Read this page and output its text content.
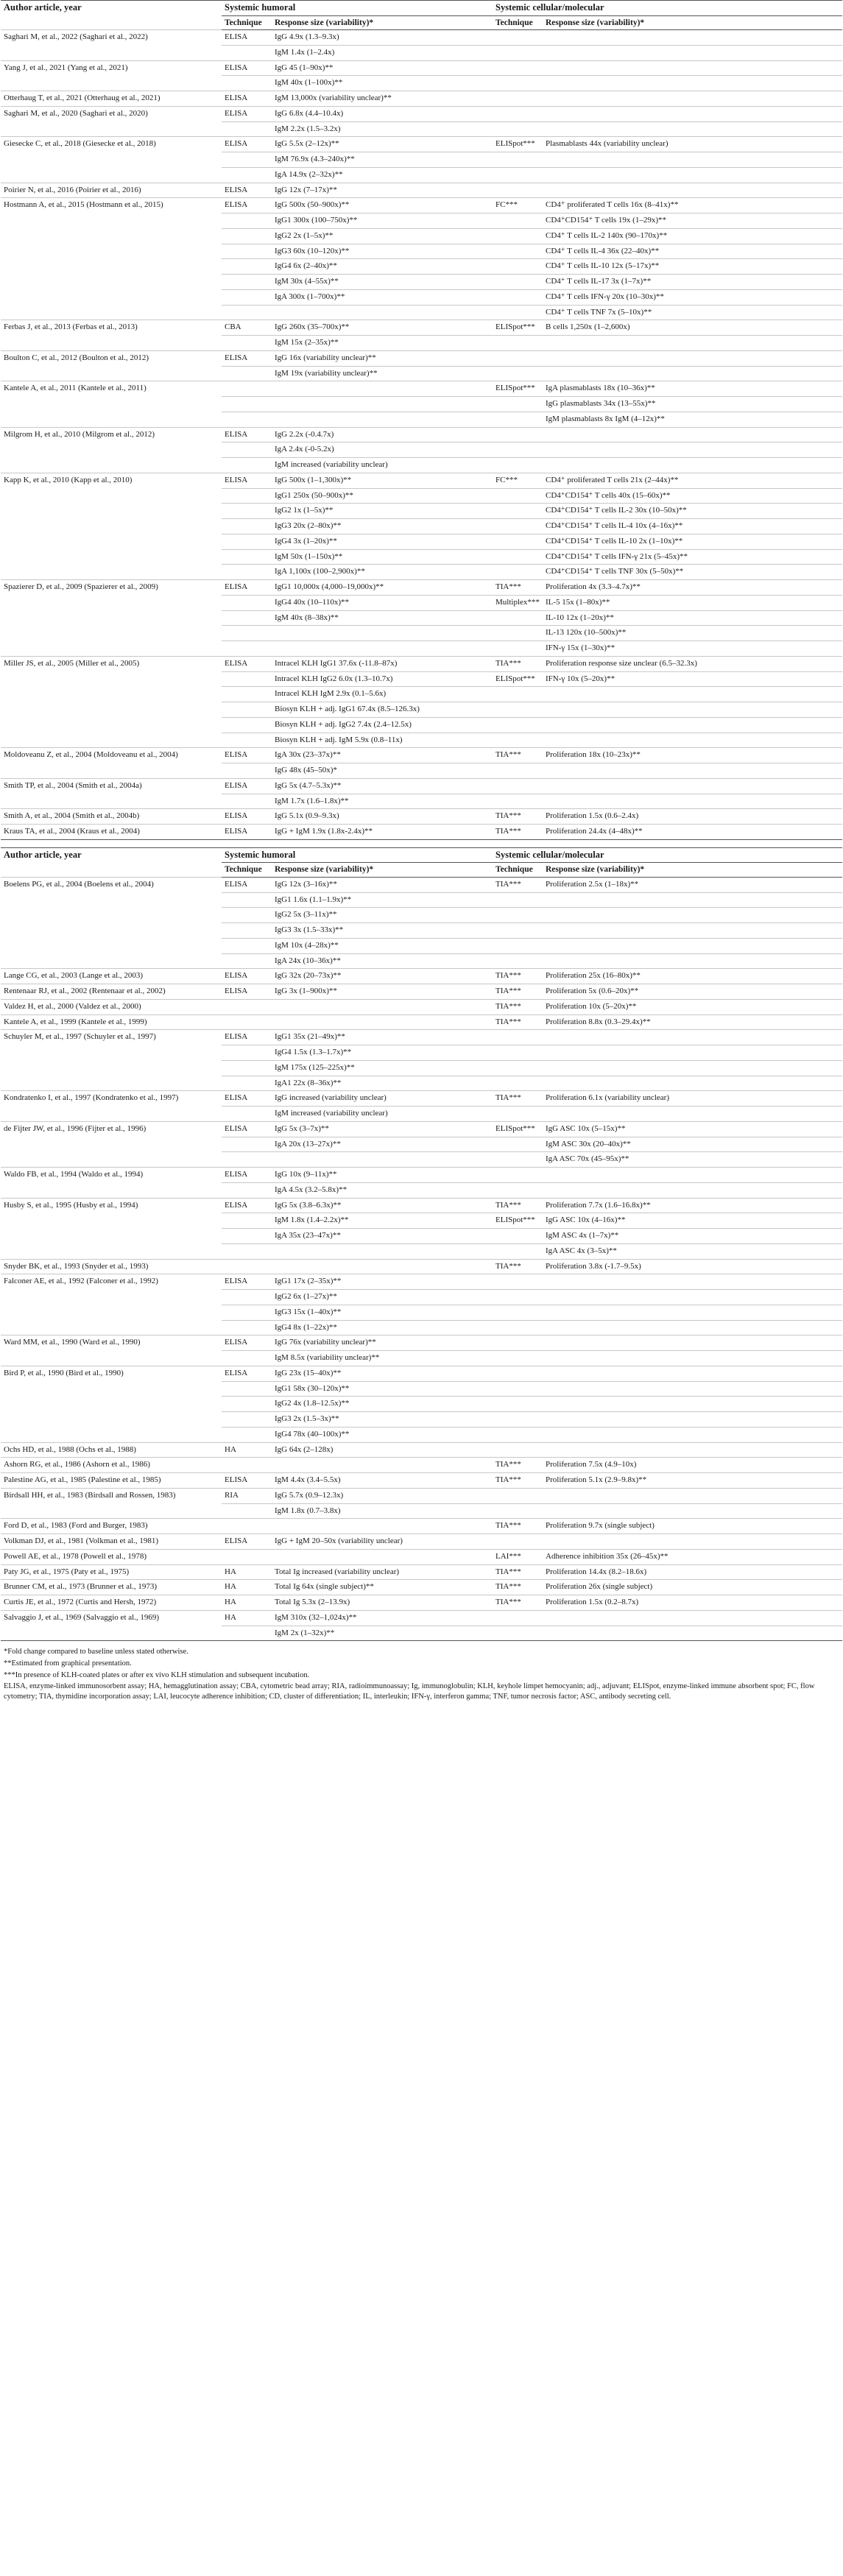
Author article, year	Systemic humoral		Systemic cellular/molecular	
	Technique	Response size (variability)*	Technique	Response size (variability)*
Saghari M, et al., 2022 (Saghari et al., 2022)	ELISA	IgG 4.9x (1.3–9.3x)		
		IgM 1.4x (1–2.4x)		
Yang J, et al., 2021 (Yang et al., 2021)	ELISA	IgG 45 (1–90x)**		
		IgM 40x (1–100x)**		
Otterhaug T, et al., 2021 (Otterhaug et al., 2021)	ELISA	IgM 13,000x (variability unclear)**		
Saghari M, et al., 2020 (Saghari et al., 2020)	ELISA	IgG 6.8x (4.4–10.4x)		
		IgM 2.2x (1.5–3.2x)		
Giesecke C, et al., 2018 (Giesecke et al., 2018)	ELISA	IgG 5.5x (2–12x)**	ELISpot***	Plasmablasts 44x (variability unclear)
		IgM 76.9x (4.3–240x)**		
		IgA 14.9x (2–32x)**		
Poirier N, et al., 2016 (Poirier et al., 2016)	ELISA	IgG 12x (7–17x)**		
Hostmann A, et al., 2015 (Hostmann et al., 2015)	ELISA	IgG 500x (50–900x)**	FC***	CD4⁺ proliferated T cells 16x (8–41x)**
		IgG1 300x (100–750x)**		CD4⁺CD154⁺ T cells 19x (1–29x)**
		IgG2 2x (1–5x)**		CD4⁺ T cells IL-2 140x (90–170x)**
		IgG3 60x (10–120x)**		CD4⁺ T cells IL-4 36x (22–40x)**
		IgG4 6x (2–40x)**		CD4⁺ T cells IL-10 12x (5–17x)**
		IgM 30x (4–55x)**		CD4⁺ T cells IL-17 3x (1–7x)**
		IgA 300x (1–700x)**		CD4⁺ T cells IFN-γ 20x (10–30x)**
				CD4⁺ T cells TNF 7x (5–10x)**
Ferbas J, et al., 2013 (Ferbas et al., 2013)	CBA	IgG 260x (35–700x)**	ELISpot***	B cells 1,250x (1–2,600x)
		IgM 15x (2–35x)**		
Boulton C, et al., 2012 (Boulton et al., 2012)	ELISA	IgG 16x (variability unclear)**		
		IgM 19x (variability unclear)**		
Kantele A, et al., 2011 (Kantele et al., 2011)			ELISpot***	IgA plasmablasts 18x (10–36x)**
				IgG plasmablasts 34x (13–55x)**
				IgM plasmablasts 8x IgM (4–12x)**
Milgrom H, et al., 2010 (Milgrom et al., 2012)	ELISA	IgG 2.2x (-0.4.7x)		
		IgA 2.4x (-0-5.2x)		
		IgM increased (variability unclear)		
Kapp K, et al., 2010 (Kapp et al., 2010)	ELISA	IgG 500x (1–1,300x)**	FC***	CD4⁺ proliferated T cells 21x (2–44x)**
		IgG1 250x (50–900x)**		CD4⁺CD154⁺ T cells 40x (15–60x)**
		IgG2 1x (1–5x)**		CD4⁺CD154⁺ T cells IL-2 30x (10–50x)**
		IgG3 20x (2–80x)**		CD4⁺CD154⁺ T cells IL-4 10x (4–16x)**
		IgG4 3x (1–20x)**		CD4⁺CD154⁺ T cells IL-10 2x (1–10x)**
		IgM 50x (1–150x)**		CD4⁺CD154⁺ T cells IFN-γ 21x (5–45x)**
		IgA 1,100x (100–2,900x)**		CD4⁺CD154⁺ T cells TNF 30x (5–50x)**
Spazierer D, et al., 2009 (Spazierer et al., 2009)	ELISA	IgG1 10,000x (4,000–19,000x)**	TIA***	Proliferation 4x (3.3–4.7x)**
		IgG4 40x (10–110x)**	Multiplex***	IL-5 15x (1–80x)**
		IgM 40x (8–38x)**		IL-10 12x (1–20x)**
				IL-13 120x (10–500x)**
				IFN-γ 15x (1–30x)**
Miller JS, et al., 2005 (Miller et al., 2005)	ELISA	Intracel KLH IgG1 37.6x (-11.8–87x)	TIA***	Proliferation response size unclear (6.5–32.3x)
		Intracel KLH IgG2 6.0x (1.3–10.7x)	ELISpot***	IFN-γ 10x (5–20x)**
		Intracel KLH IgM 2.9x (0.1–5.6x)		
		Biosyn KLH + adj. IgG1 67.4x (8.5–126.3x)		
		Biosyn KLH + adj. IgG2 7.4x (2.4–12.5x)		
		Biosyn KLH + adj. IgM 5.9x (0.8–11x)		
Moldoveanu Z, et al., 2004 (Moldoveanu et al., 2004)	ELISA	IgA 30x (23–37x)**	TIA***	Proliferation 18x (10–23x)**
		IgG 48x (45–50x)*		
Smith TP, et al., 2004 (Smith et al., 2004a)	ELISA	IgG 5x (4.7–5.3x)**		
		IgM 1.7x (1.6–1.8x)**		
Smith A, et al., 2004 (Smith et al., 2004b)	ELISA	IgG 5.1x (0.9–9.3x)	TIA***	Proliferation 1.5x (0.6–2.4x)
Kraus TA, et al., 2004 (Kraus et al., 2004)	ELISA	IgG + IgM 1.9x (1.8x-2.4x)**	TIA***	Proliferation 24.4x (4–48x)**
Author article, year	Systemic humoral		Systemic cellular/molecular	
	Technique	Response size (variability)*	Technique	Response size (variability)*
Boelens PG, et al., 2004 (Boelens et al., 2004)	ELISA	IgG 12x (3–16x)**	TIA***	Proliferation 2.5x (1–18x)**
		IgG1 1.6x (1.1–1.9x)**		
		IgG2 5x (3–11x)**		
		IgG3 3x (1.5–33x)**		
		IgM 10x (4–28x)**		
		IgA 24x (10–36x)**		
Lange CG, et al., 2003 (Lange et al., 2003)	ELISA	IgG 32x (20–73x)**	TIA***	Proliferation 25x (16–80x)**
Rentenaar RJ, et al., 2002 (Rentenaar et al., 2002)	ELISA	IgG 3x (1–900x)**	TIA***	Proliferation 5x (0.6–20x)**
Valdez H, et al., 2000 (Valdez et al., 2000)			TIA***	Proliferation 10x (5–20x)**
Kantele A, et al., 1999 (Kantele et al., 1999)			TIA***	Proliferation 8.8x (0.3–29.4x)**
Schuyler M, et al., 1997 (Schuyler et al., 1997)	ELISA	IgG1 35x (21–49x)**		
		IgG4 1.5x (1.3–1.7x)**		
		IgM 175x (125–225x)**		
		IgA1 22x (8–36x)**		
Kondratenko I, et al., 1997 (Kondratenko et al., 1997)	ELISA	IgG increased (variability unclear)	TIA***	Proliferation 6.1x (variability unclear)
		IgM increased (variability unclear)		
de Fijter JW, et al., 1996 (Fijter et al., 1996)	ELISA	IgG 5x (3–7x)**	ELISpot***	IgG ASC 10x (5–15x)**
		IgA 20x (13–27x)**		IgM ASC 30x (20–40x)**
				IgA ASC 70x (45–95x)**
Waldo FB, et al., 1994 (Waldo et al., 1994)	ELISA	IgG 10x (9–11x)**		
		IgA 4.5x (3.2–5.8x)**		
Husby S, et al., 1995 (Husby et al., 1994)	ELISA	IgG 5x (3.8–6.3x)**	TIA***	Proliferation 7.7x (1.6–16.8x)**
		IgM 1.8x (1.4–2.2x)**	ELISpot***	IgG ASC 10x (4–16x)**
		IgA 35x (23–47x)**		IgM ASC 4x (1–7x)**
				IgA ASC 4x (3–5x)**
Snyder BK, et al., 1993 (Snyder et al., 1993)			TIA***	Proliferation 3.8x (-1.7–9.5x)
Falconer AE, et al., 1992 (Falconer et al., 1992)	ELISA	IgG1 17x (2–35x)**		
		IgG2 6x (1–27x)**		
		IgG3 15x (1–40x)**		
		IgG4 8x (1–22x)**		
Ward MM, et al., 1990 (Ward et al., 1990)	ELISA	IgG 76x (variability unclear)**		
		IgM 8.5x (variability unclear)**		
Bird P, et al., 1990 (Bird et al., 1990)	ELISA	IgG 23x (15–40x)**		
		IgG1 58x (30–120x)**		
		IgG2 4x (1.8–12.5x)**		
		IgG3 2x (1.5–3x)**		
		IgG4 78x (40–100x)**		
Ochs HD, et al., 1988 (Ochs et al., 1988)	HA	IgG 64x (2–128x)		
Ashorn RG, et al., 1986 (Ashorn et al., 1986)			TIA***	Proliferation 7.5x (4.9–10x)
Palestine AG, et al., 1985 (Palestine et al., 1985)	ELISA	IgM 4.4x (3.4–5.5x)	TIA***	Proliferation 5.1x (2.9–9.8x)**
Birdsall HH, et al., 1983 (Birdsall and Rossen, 1983)	RIA	IgG 5.7x (0.9–12.3x)		
		IgM 1.8x (0.7–3.8x)		
Ford D, et al., 1983 (Ford and Burger, 1983)			TIA***	Proliferation 9.7x (single subject)
Volkman DJ, et al., 1981 (Volkman et al., 1981)	ELISA	IgG + IgM 20–50x (variability unclear)		
Powell AE, et al., 1978 (Powell et al., 1978)			LAI***	Adherence inhibition 35x (26–45x)**
Paty JG, et al., 1975 (Paty et al., 1975)	HA	Total Ig increased (variability unclear)	TIA***	Proliferation 14.4x (8.2–18.6x)
Brunner CM, et al., 1973 (Brunner et al., 1973)	HA	Total Ig 64x (single subject)**	TIA***	Proliferation 26x (single subject)
Curtis JE, et al., 1972 (Curtis and Hersh, 1972)	HA	Total Ig 5.3x (2–13.9x)	TIA***	Proliferation 1.5x (0.2–8.7x)
Salvaggio J, et al., 1969 (Salvaggio et al., 1969)	HA	IgM 310x (32–1,024x)**		
		IgM 2x (1–32x)**		

*Fold change compared to baseline unless stated otherwise.

**Estimated from graphical presentation.

***In presence of KLH-coated plates or after ex vivo KLH stimulation and subsequent incubation.

ELISA, enzyme-linked immunosorbent assay; HA, hemagglutination assay; CBA, cytometric bead array; RIA, radioimmunoassay; Ig, immunoglobulin; KLH, keyhole limpet hemocyanin; adj., adjuvant; ELISpot, enzyme-linked immune absorbent spot; FC, flow cytometry; TIA, thymidine incorporation assay; LAI, leucocyte adherence inhibition; CD, cluster of differentiation; IL, interleukin; IFN-γ, interferon gamma; TNF, tumor necrosis factor; ASC, antibody secreting cell.
